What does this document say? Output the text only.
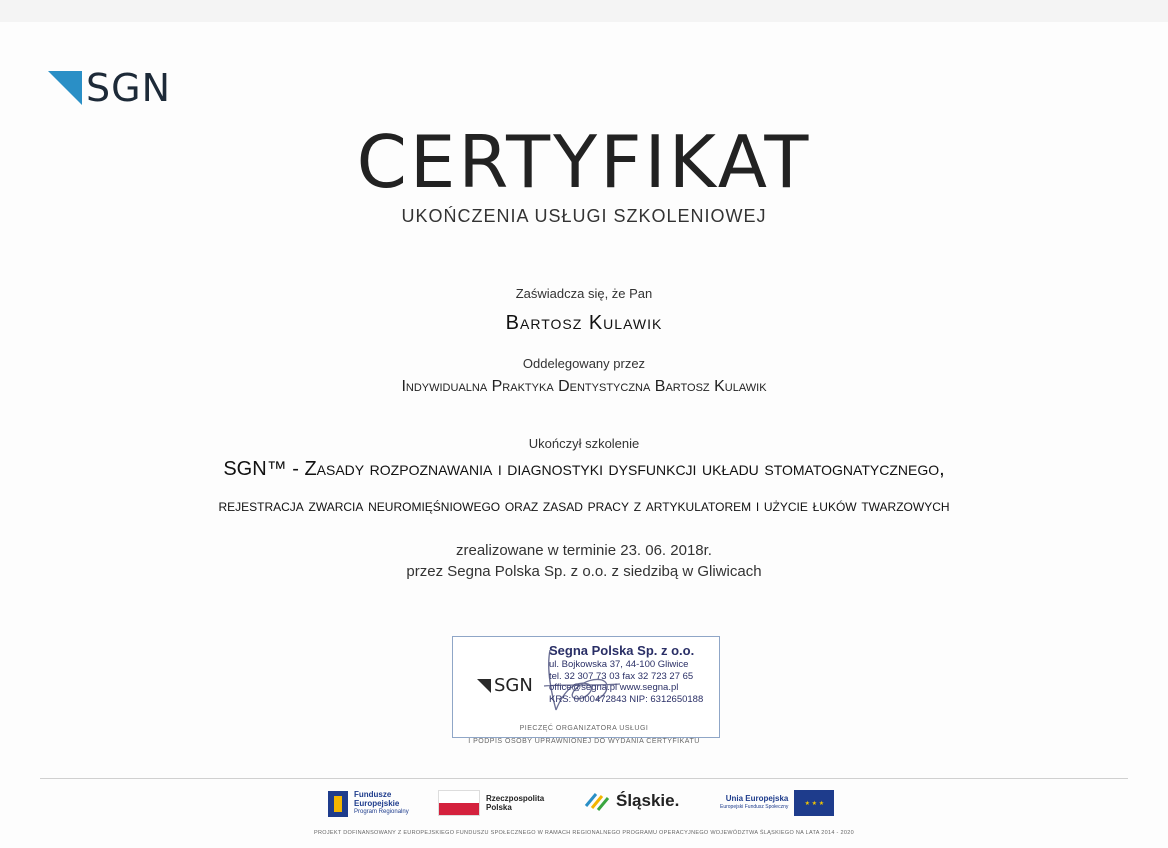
SGN
CERTYFIKAT
UKOŃCZENIA USŁUGI SZKOLENIOWEJ
Zaświadcza się, że Pan
Bartosz Kulawik
Oddelegowany przez
Indywidualna Praktyka Dentystyczna Bartosz Kulawik
Ukończył szkolenie
SGN™ - Zasady rozpoznawania i diagnostyki dysfunkcji układu stomatognatycznego,
rejestracja zwarcia neuromięśniowego oraz zasad pracy z artykulatorem i użycie łuków twarzowych
zrealizowane w terminie 23. 06. 2018r.
przez Segna Polska Sp. z o.o. z siedzibą w Gliwicach
SGN
Segna Polska Sp. z o.o.
ul. Bojkowska 37, 44-100 Gliwice
tel. 32 307 73 03 fax 32 723 27 65
office@segna.pl www.segna.pl
KRS: 0000472843 NIP: 6312650188
PIECZĘĆ ORGANIZATORA USŁUGI
I PODPIS OSOBY UPRAWNIONEJ DO WYDANIA CERTYFIKATU
Fundusze
Europejskie
Program Regionalny
Rzeczpospolita
Polska	Śląskie.	Unia Europejska
Europejski Fundusz Społeczny
★ ★ ★
PROJEKT DOFINANSOWANY Z EUROPEJSKIEGO FUNDUSZU SPOŁECZNEGO W RAMACH REGIONALNEGO PROGRAMU OPERACYJNEGO WOJEWÓDZTWA ŚLĄSKIEGO NA LATA 2014 - 2020
